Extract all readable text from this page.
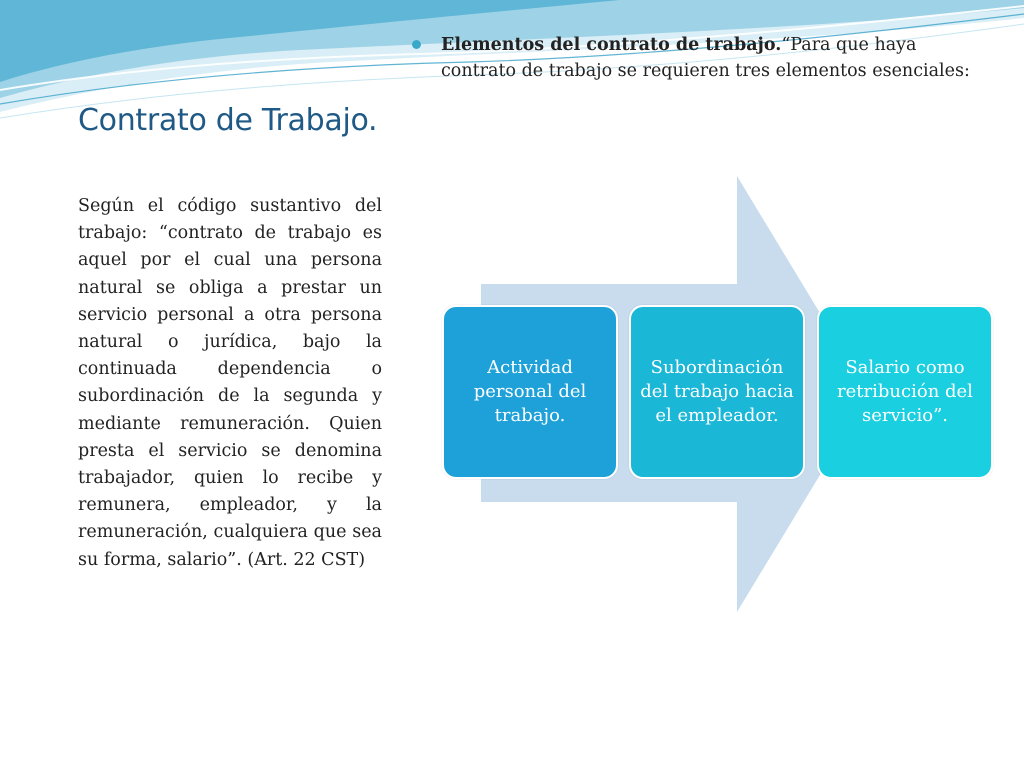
Contrato de Trabajo.
Elementos del contrato de trabajo.“Para que haya contrato de trabajo se requieren tres elementos esenciales:

Según el código sustantivo del trabajo: “contrato de trabajo es aquel por el cual una persona natural se obliga a prestar un servicio personal a otra persona natural o jurídica, bajo la continuada dependencia o subordinación de la segunda y mediante remuneración. Quien presta el servicio se denomina trabajador, quien lo recibe y remunera, empleador, y la remuneración, cualquiera que sea su forma, salario”. (Art. 22 CST)

Actividad personal del trabajo.
Subordinación del trabajo hacia el empleador.
Salario como retribución del servicio”.
